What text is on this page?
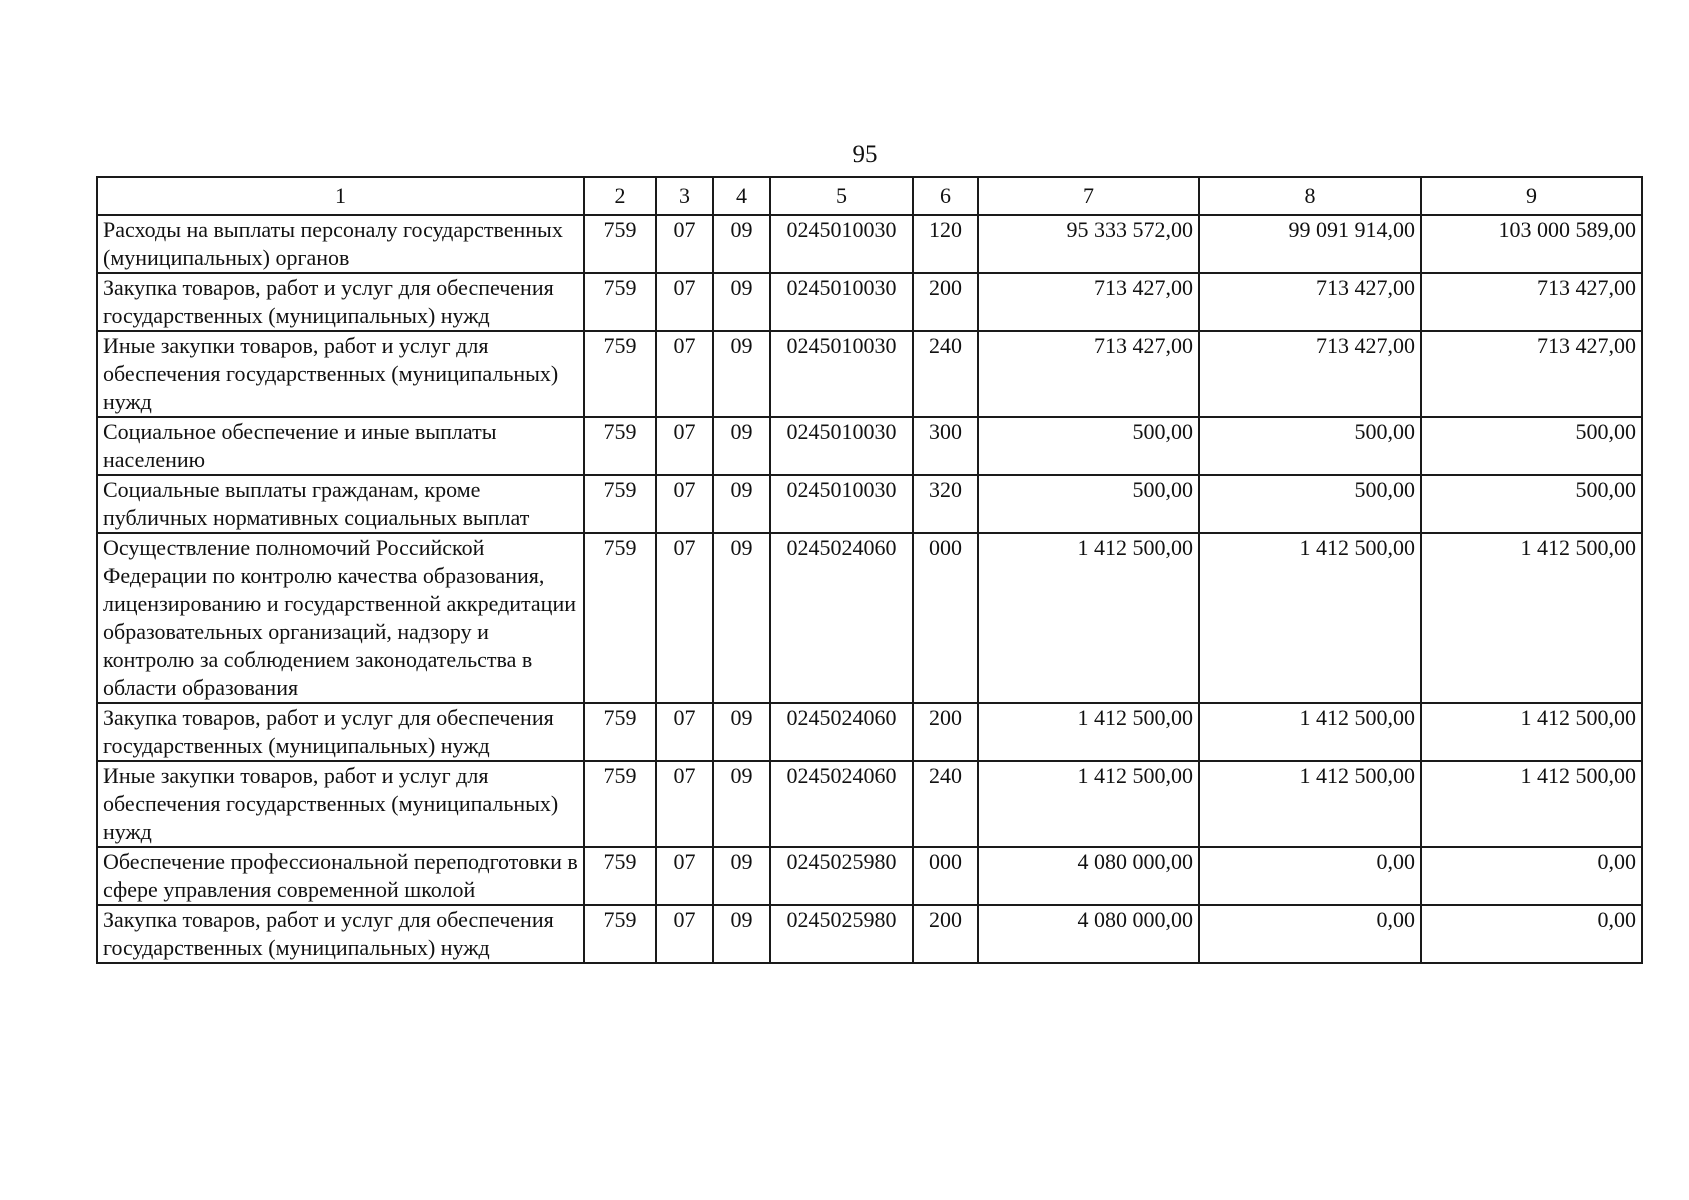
95
1	2	3	4	5	6	7	8	9
Расходы на выплаты персоналу государственных (муниципальных) органов	759	07	09	0245010030	120	95 333 572,00	99 091 914,00	103 000 589,00
Закупка товаров, работ и услуг для обеспечения государственных (муниципальных) нужд	759	07	09	0245010030	200	713 427,00	713 427,00	713 427,00
Иные закупки товаров, работ и услуг для обеспечения государственных (муниципальных) нужд	759	07	09	0245010030	240	713 427,00	713 427,00	713 427,00
Социальное обеспечение и иные выплаты населению	759	07	09	0245010030	300	500,00	500,00	500,00
Социальные выплаты гражданам, кроме публичных нормативных социальных выплат	759	07	09	0245010030	320	500,00	500,00	500,00
Осуществление полномочий Российской Федерации по контролю качества образования, лицензированию и государственной аккредитации образовательных организаций, надзору и контролю за соблюдением законодательства в области образования	759	07	09	0245024060	000	1 412 500,00	1 412 500,00	1 412 500,00
Закупка товаров, работ и услуг для обеспечения государственных (муниципальных) нужд	759	07	09	0245024060	200	1 412 500,00	1 412 500,00	1 412 500,00
Иные закупки товаров, работ и услуг для обеспечения государственных (муниципальных) нужд	759	07	09	0245024060	240	1 412 500,00	1 412 500,00	1 412 500,00
Обеспечение профессиональной переподготовки в сфере управления современной школой	759	07	09	0245025980	000	4 080 000,00	0,00	0,00
Закупка товаров, работ и услуг для обеспечения государственных (муниципальных) нужд	759	07	09	0245025980	200	4 080 000,00	0,00	0,00
